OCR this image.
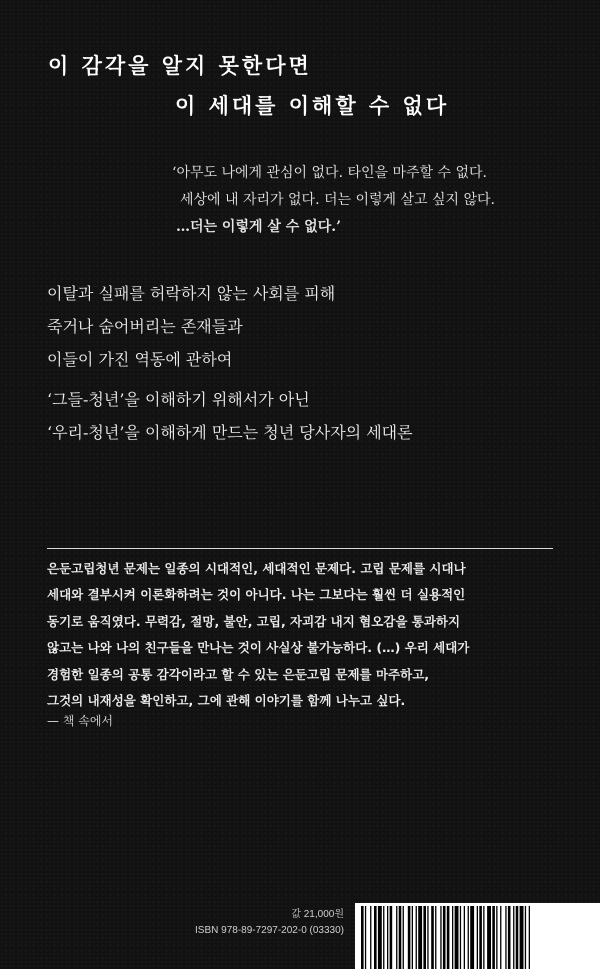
이 감각을 알지 못한다면
이 세대를 이해할 수 없다
‘아무도 나에게 관심이 없다. 타인을 마주할 수 없다.
세상에 내 자리가 없다. 더는 이렇게 살고 싶지 않다.
…더는 이렇게 살 수 없다.’
이탈과 실패를 허락하지 않는 사회를 피해
죽거나 숨어버리는 존재들과
이들이 가진 역동에 관하여
‘그들-청년’을 이해하기 위해서가 아닌
‘우리-청년’을 이해하게 만드는 청년 당사자의 세대론
은둔고립청년 문제는 일종의 시대적인, 세대적인 문제다. 고립 문제를 시대나
세대와 결부시켜 이론화하려는 것이 아니다. 나는 그보다는 훨씬 더 실용적인
동기로 움직였다. 무력감, 절망, 불안, 고립, 자괴감 내지 혐오감을 통과하지
않고는 나와 나의 친구들을 만나는 것이 사실상 불가능하다. (…) 우리 세대가
경험한 일종의 공통 감각이라고 할 수 있는 은둔고립 문제를 마주하고,
그것의 내재성을 확인하고, 그에 관해 이야기를 함께 나누고 싶다.
— 책 속에서
값 21,000원
ISBN 978-89-7297-202-0 (03330)
